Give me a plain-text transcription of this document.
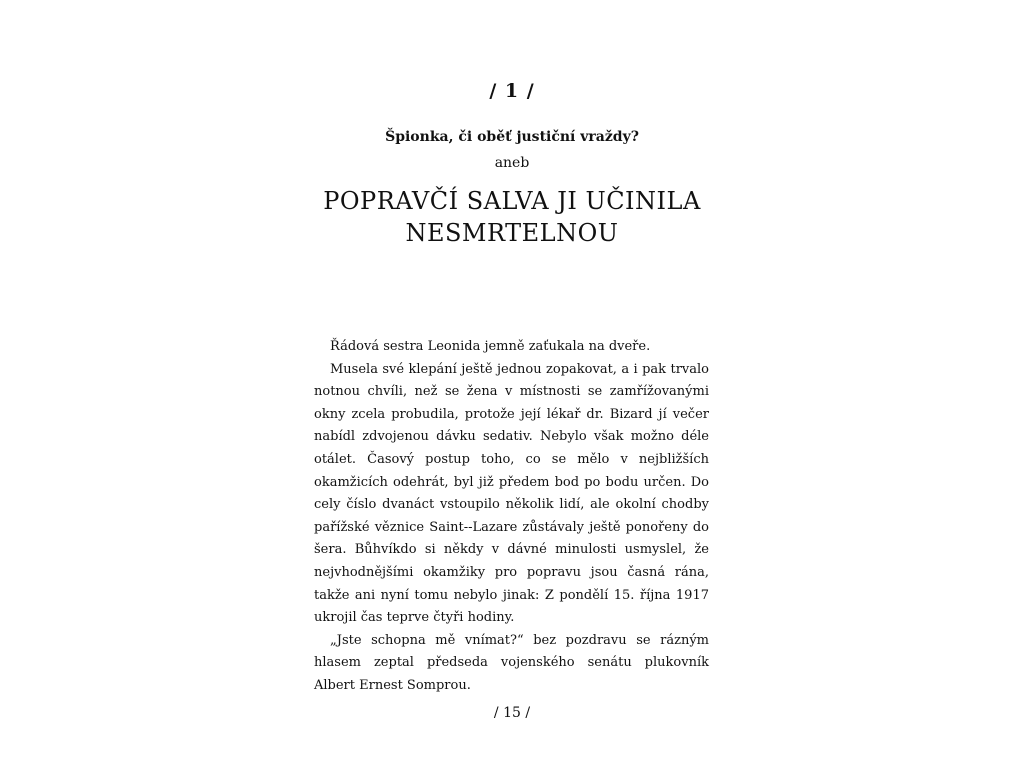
/ 1 /
Špionka, či oběť justiční vraždy?
aneb
POPRAVČÍ SALVA JI UČINILA
NESMRTELNOU

Řádová sestra Leonida jemně zaťukala na dveře.

Musela své klepání ještě jednou zopakovat, a i pak trvalo notnou chvíli, než se žena v místnosti se zamřížovanými okny zcela probudila, protože její lékař dr. Bizard jí večer nabídl zdvojenou dávku sedativ. Nebylo však možno déle otálet. Časový postup toho, co se mělo v nejbližších okamžicích odehrát, byl již předem bod po bodu určen. Do cely číslo dvanáct vstoupilo několik lidí, ale okolní chodby pařížské věznice Saint--Lazare zůstávaly ještě ponořeny do šera. Bůhvíkdo si někdy v dávné minulosti usmyslel, že nejvhodnějšími okamžiky pro popravu jsou časná rána, takže ani nyní tomu nebylo jinak: Z pondělí 15. října 1917 ukrojil čas teprve čtyři hodiny.

„Jste schopna mě vnímat?“ bez pozdravu se rázným hlasem zeptal předseda vojenského senátu plukovník Albert Ernest Somprou.

/ 15 /
